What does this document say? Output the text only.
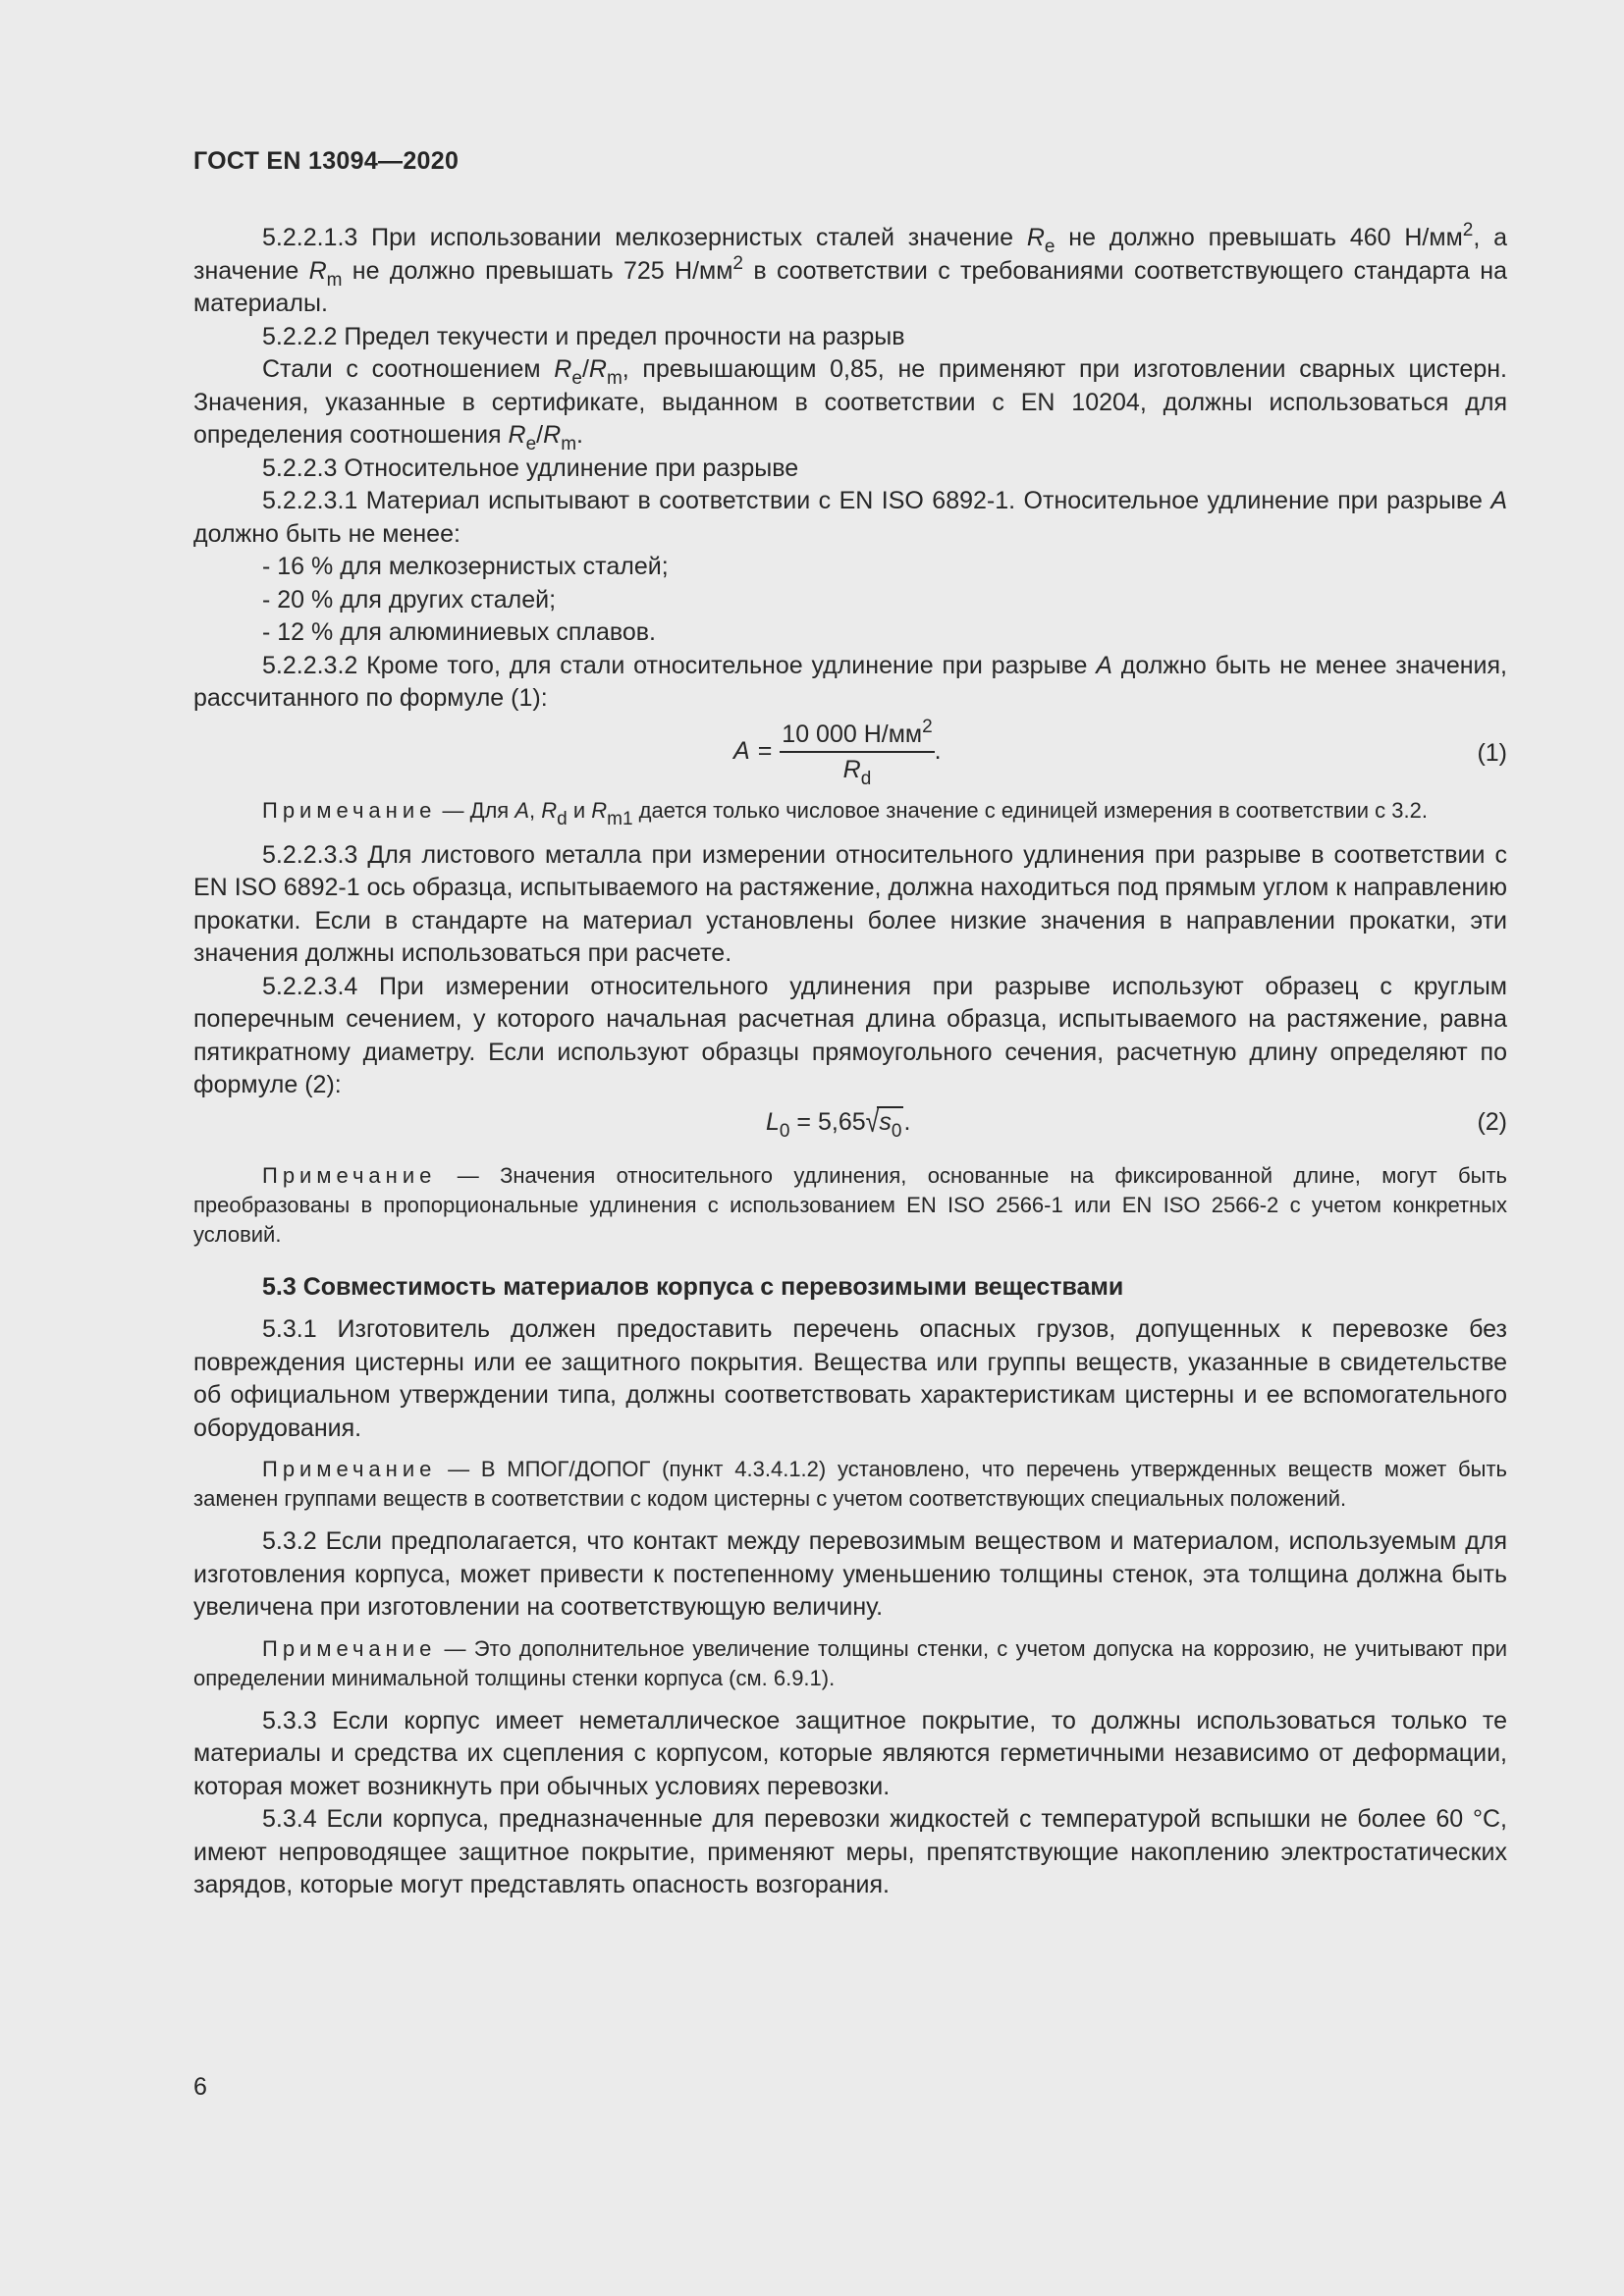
ГОСТ EN 13094—2020

5.2.2.1.3 При использовании мелкозернистых сталей значение $R_e$ не должно превышать 460 $Н/мм^2$, а значение $R_m$ не должно превышать 725 $Н/мм^2$ в соответствии с требованиями соответствующего стандарта на материалы.

5.2.2.2 Предел текучести и предел прочности на разрыв

Стали с соотношением $R_e/R_m$, превышающим 0,85, не применяют при изготовлении сварных цистерн. Значения, указанные в сертификате, выданном в соответствии с EN 10204, должны использоваться для определения соотношения $R_e/R_m$.

5.2.2.3 Относительное удлинение при разрыве

5.2.2.3.1 Материал испытывают в соответствии с EN ISO 6892-1. Относительное удлинение при разрыве A должно быть не менее:

- 16 % для мелкозернистых сталей;

- 20 % для других сталей;

- 12 % для алюминиевых сплавов.

5.2.2.3.2 Кроме того, для стали относительное удлинение при разрыве A должно быть не менее значения, рассчитанного по формуле (1):

$A = \frac{10 000 Н/мм^2}{R_d}$ .	(1)

Примечание — Для A, Rd и Rm1 дается только числовое значение с единицей измерения в соответствии с 3.2.

5.2.2.3.3 Для листового металла при измерении относительного удлинения при разрыве в соответствии с EN ISO 6892-1 ось образца, испытываемого на растяжение, должна находиться под прямым углом к направлению прокатки. Если в стандарте на материал установлены более низкие значения в направлении прокатки, эти значения должны использоваться при расчете.

5.2.2.3.4 При измерении относительного удлинения при разрыве используют образец с круглым поперечным сечением, у которого начальная расчетная длина образца, испытываемого на растяжение, равна пятикратному диаметру. Если используют образцы прямоугольного сечения, расчетную длину определяют по формуле (2):

$L_0 = 5,65√s_0$.	(2)

Примечание — Значения относительного удлинения, основанные на фиксированной длине, могут быть преобразованы в пропорциональные удлинения с использованием EN ISO 2566-1 или EN ISO 2566-2 с учетом конкретных условий.

5.3 Совместимость материалов корпуса с перевозимыми веществами

5.3.1 Изготовитель должен предоставить перечень опасных грузов, допущенных к перевозке без повреждения цистерны или ее защитного покрытия. Вещества или группы веществ, указанные в свидетельстве об официальном утверждении типа, должны соответствовать характеристикам цистерны и ее вспомогательного оборудования.

Примечание — В МПОГ/ДОПОГ (пункт 4.3.4.1.2) установлено, что перечень утвержденных веществ может быть заменен группами веществ в соответствии с кодом цистерны с учетом соответствующих специальных положений.

5.3.2 Если предполагается, что контакт между перевозимым веществом и материалом, используемым для изготовления корпуса, может привести к постепенному уменьшению толщины стенок, эта толщина должна быть увеличена при изготовлении на соответствующую величину.

Примечание — Это дополнительное увеличение толщины стенки, с учетом допуска на коррозию, не учитывают при определении минимальной толщины стенки корпуса (см. 6.9.1).

5.3.3 Если корпус имеет неметаллическое защитное покрытие, то должны использоваться только те материалы и средства их сцепления с корпусом, которые являются герметичными независимо от деформации, которая может возникнуть при обычных условиях перевозки.

5.3.4 Если корпуса, предназначенные для перевозки жидкостей с температурой вспышки не более 60 °С, имеют непроводящее защитное покрытие, применяют меры, препятствующие накоплению электростатических зарядов, которые могут представлять опасность возгорания.

6
